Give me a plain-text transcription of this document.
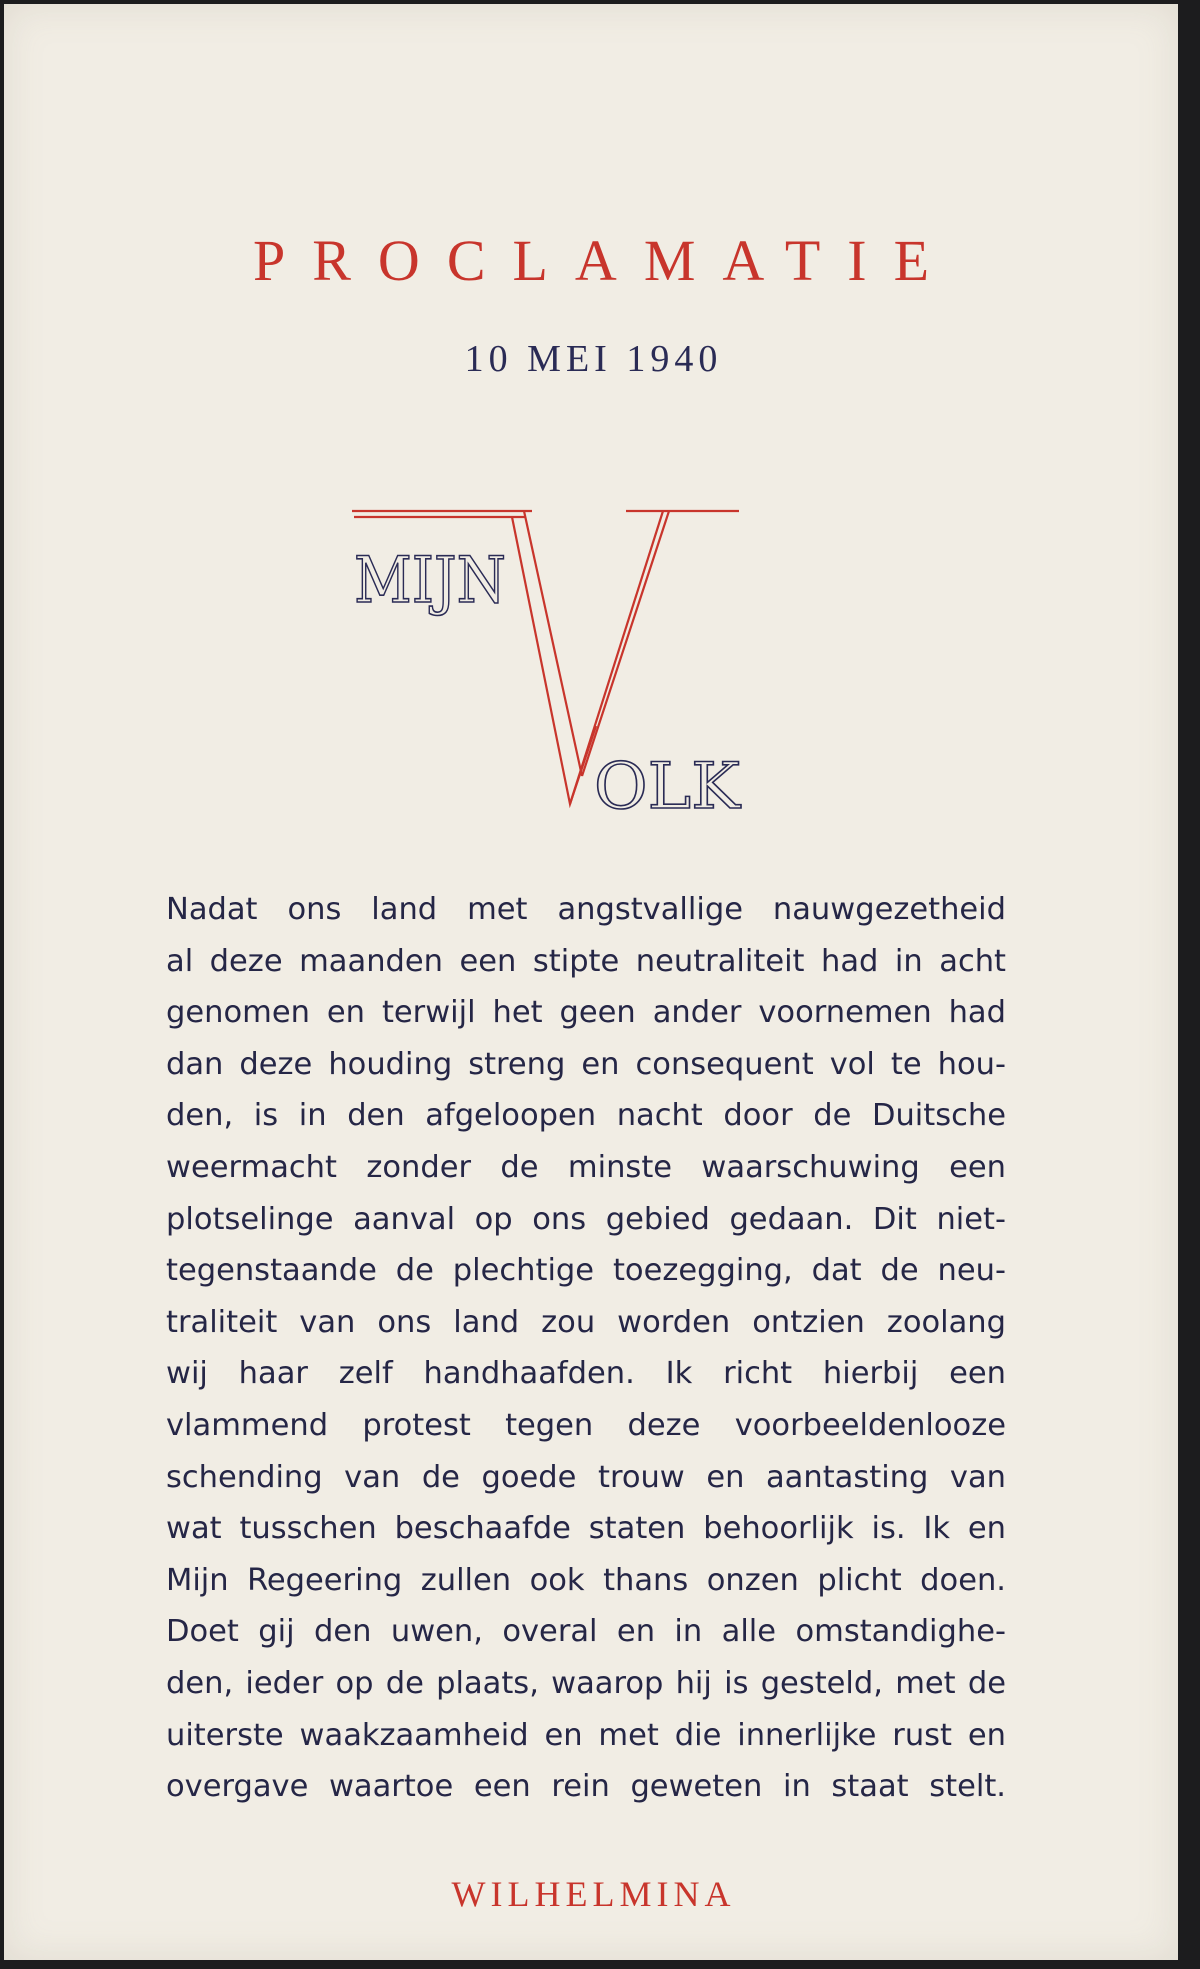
PROCLAMATIE
10 MEI 1940
MIJN
OLK
Nadat ons land met angstvallige nauwgezetheid
al deze maanden een stipte neutraliteit had in acht
genomen en terwijl het geen ander voornemen had
dan deze houding streng en consequent vol te hou-
den, is in den afgeloopen nacht door de Duitsche
weermacht zonder de minste waarschuwing een
plotselinge aanval op ons gebied gedaan. Dit niet-
tegenstaande de plechtige toezegging, dat de neu-
traliteit van ons land zou worden ontzien zoolang
wij haar zelf handhaafden. Ik richt hierbij een
vlammend protest tegen deze voorbeeldenlooze
schending van de goede trouw en aantasting van
wat tusschen beschaafde staten behoorlijk is. Ik en
Mijn Regeering zullen ook thans onzen plicht doen.
Doet gij den uwen, overal en in alle omstandighe-
den, ieder op de plaats, waarop hij is gesteld, met de
uiterste waakzaamheid en met die innerlijke rust en
overgave waartoe een rein geweten in staat stelt.
WILHELMINA
